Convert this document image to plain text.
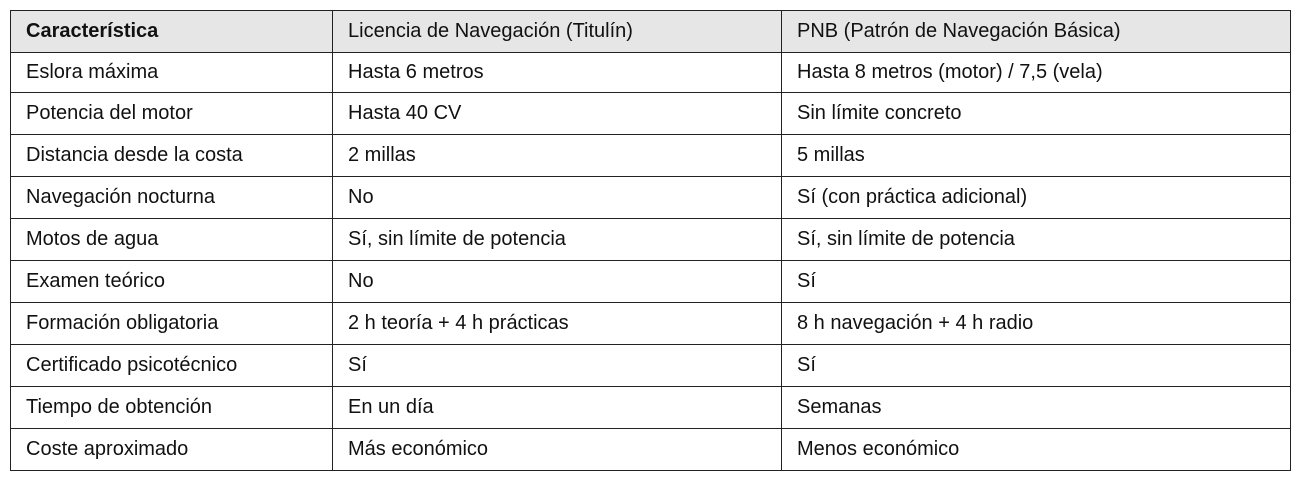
Característica	Licencia de Navegación (Titulín)	PNB (Patrón de Navegación Básica)
Eslora máxima	Hasta 6 metros	Hasta 8 metros (motor) / 7,5 (vela)
Potencia del motor	Hasta 40 CV	Sin límite concreto
Distancia desde la costa	2 millas	5 millas
Navegación nocturna	No	Sí (con práctica adicional)
Motos de agua	Sí, sin límite de potencia	Sí, sin límite de potencia
Examen teórico	No	Sí
Formación obligatoria	2 h teoría + 4 h prácticas	8 h navegación + 4 h radio
Certificado psicotécnico	Sí	Sí
Tiempo de obtención	En un día	Semanas
Coste aproximado	Más económico	Menos económico
